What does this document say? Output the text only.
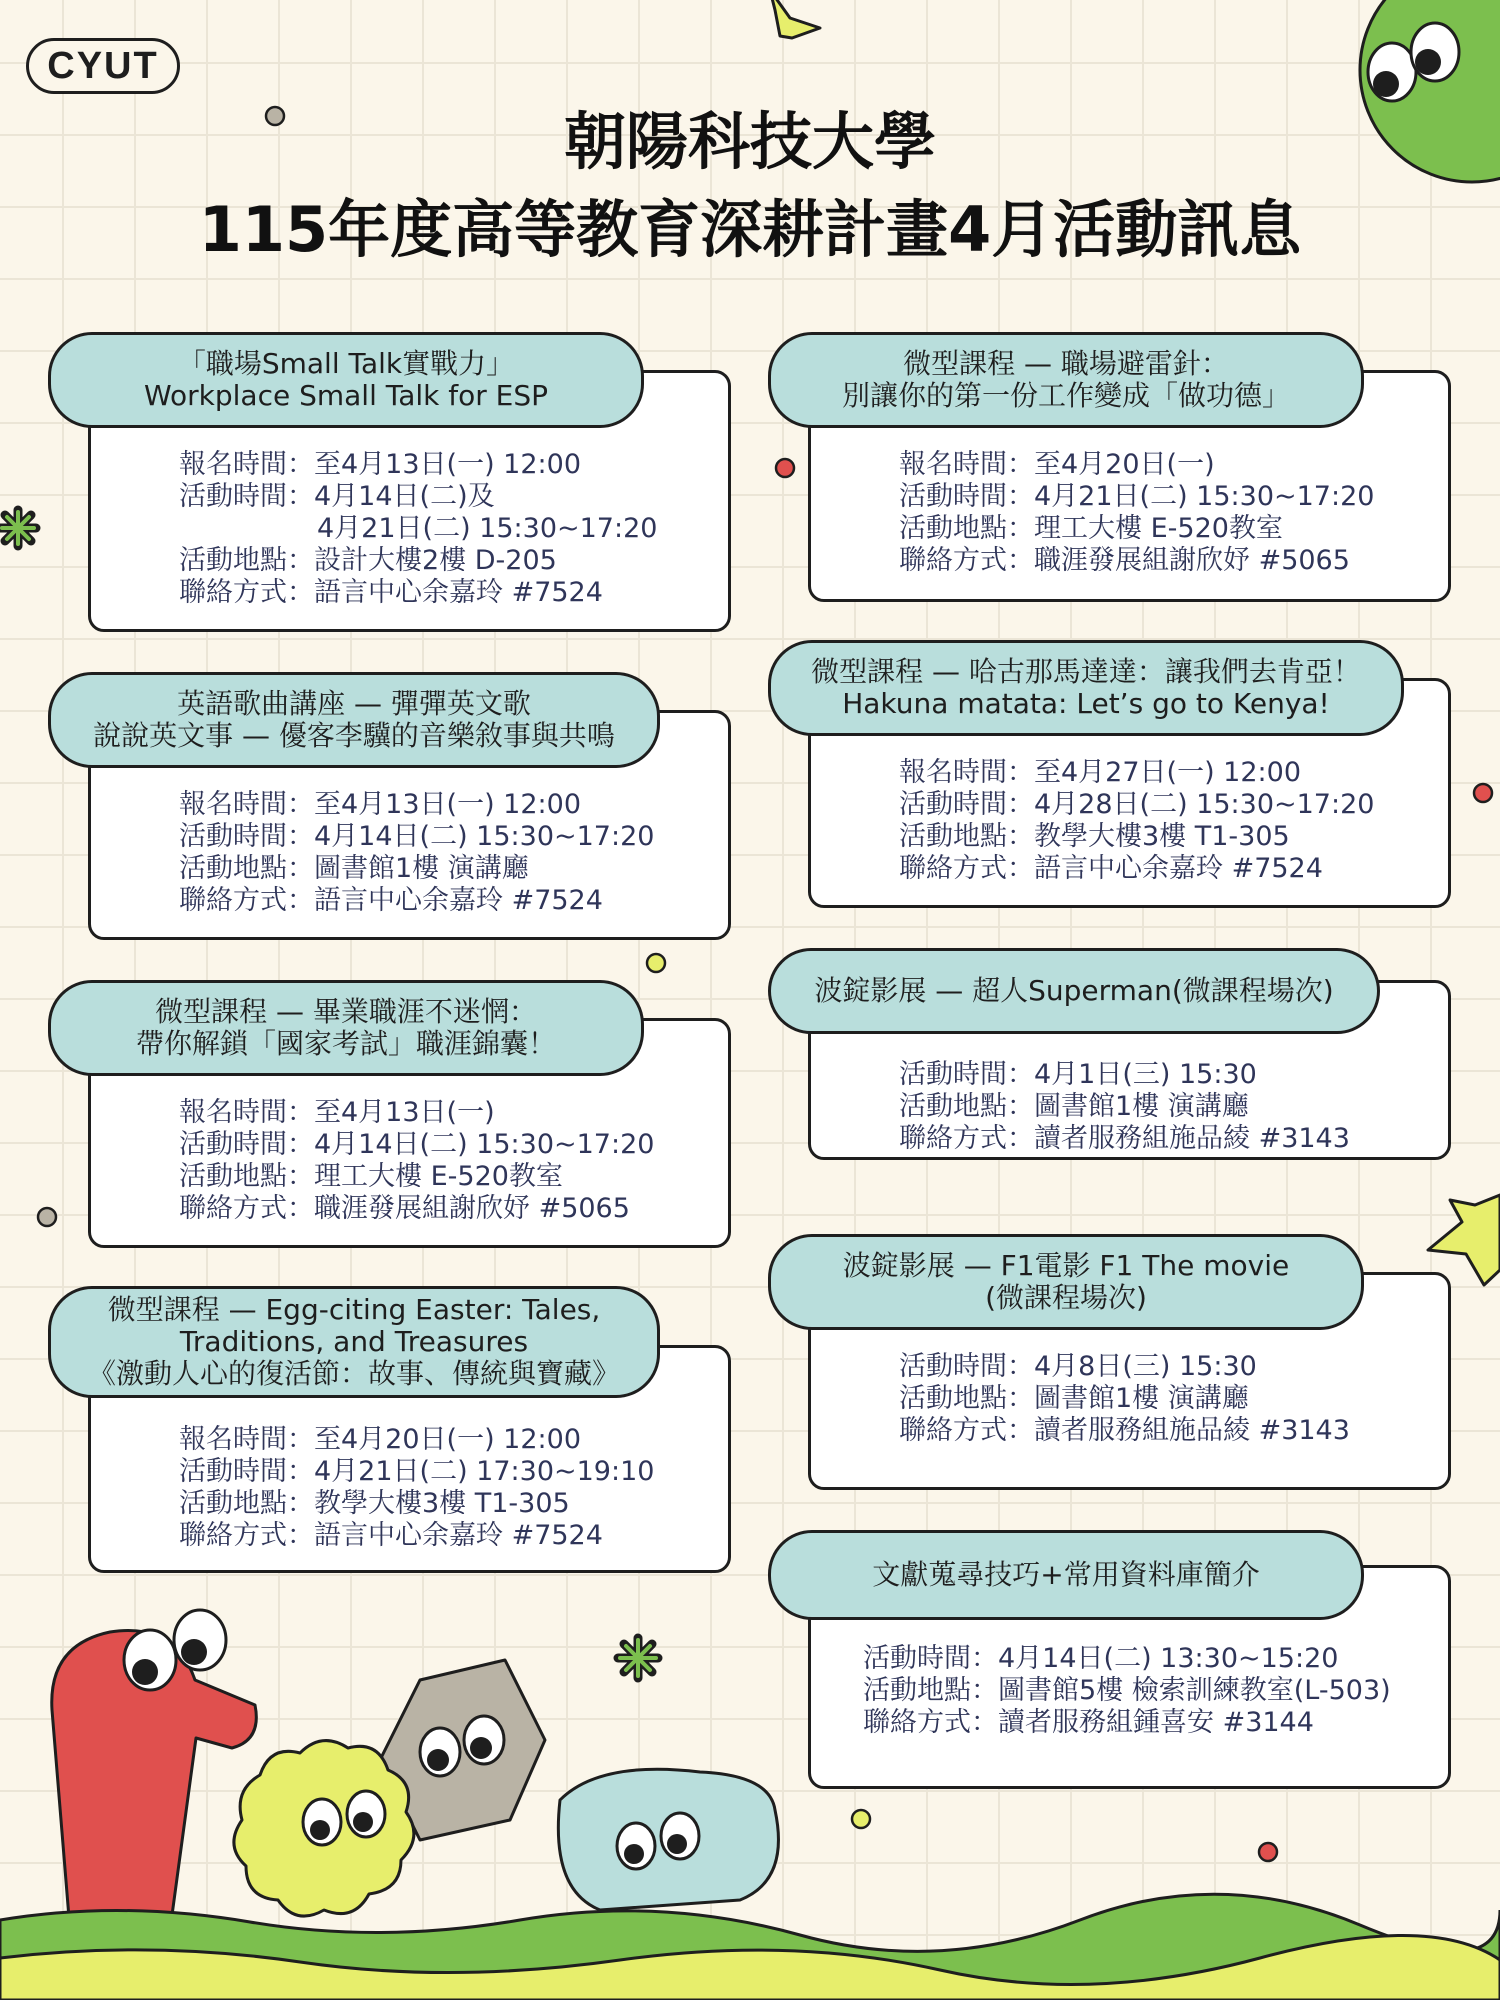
CYUT
朝陽科技大學
115年度高等教育深耕計畫4月活動訊息
報名時間：至4月13日(一) 12:00
活動時間：4月14日(二)及
4月21日(二) 15:30~17:20
活動地點：設計大樓2樓 D-205
聯絡方式：語言中心余嘉玲 #7524
「職場Small Talk實戰力」
Workplace Small Talk for ESP
報名時間：至4月13日(一) 12:00
活動時間：4月14日(二) 15:30~17:20
活動地點：圖書館1樓 演講廳
聯絡方式：語言中心余嘉玲 #7524
英語歌曲講座 — 彈彈英文歌
說說英文事 — 優客李驥的音樂敘事與共鳴
報名時間：至4月13日(一)
活動時間：4月14日(二) 15:30~17:20
活動地點：理工大樓 E-520教室
聯絡方式：職涯發展組謝欣妤 #5065
微型課程 — 畢業職涯不迷惘：
帶你解鎖「國家考試」職涯錦囊！
報名時間：至4月20日(一) 12:00
活動時間：4月21日(二) 17:30~19:10
活動地點：教學大樓3樓 T1-305
聯絡方式：語言中心余嘉玲 #7524
微型課程 — Egg-citing Easter: Tales,
Traditions, and Treasures
《激動人心的復活節：故事、傳統與寶藏》
報名時間：至4月20日(一)
活動時間：4月21日(二) 15:30~17:20
活動地點：理工大樓 E-520教室
聯絡方式：職涯發展組謝欣妤 #5065
微型課程 — 職場避雷針：
別讓你的第一份工作變成「做功德」
報名時間：至4月27日(一) 12:00
活動時間：4月28日(二) 15:30~17:20
活動地點：教學大樓3樓 T1-305
聯絡方式：語言中心余嘉玲 #7524
微型課程 — 哈古那馬達達：讓我們去肯亞！
Hakuna matata: Let’s go to Kenya!
活動時間：4月1日(三) 15:30
活動地點：圖書館1樓 演講廳
聯絡方式：讀者服務組施品綾 #3143
波錠影展 — 超人Superman(微課程場次)
活動時間：4月8日(三) 15:30
活動地點：圖書館1樓 演講廳
聯絡方式：讀者服務組施品綾 #3143
波錠影展 — F1電影 F1 The movie
(微課程場次)
活動時間：4月14日(二) 13:30~15:20
活動地點：圖書館5樓 檢索訓練教室(L-503)
聯絡方式：讀者服務組鍾喜安 #3144
文獻蒐尋技巧+常用資料庫簡介
